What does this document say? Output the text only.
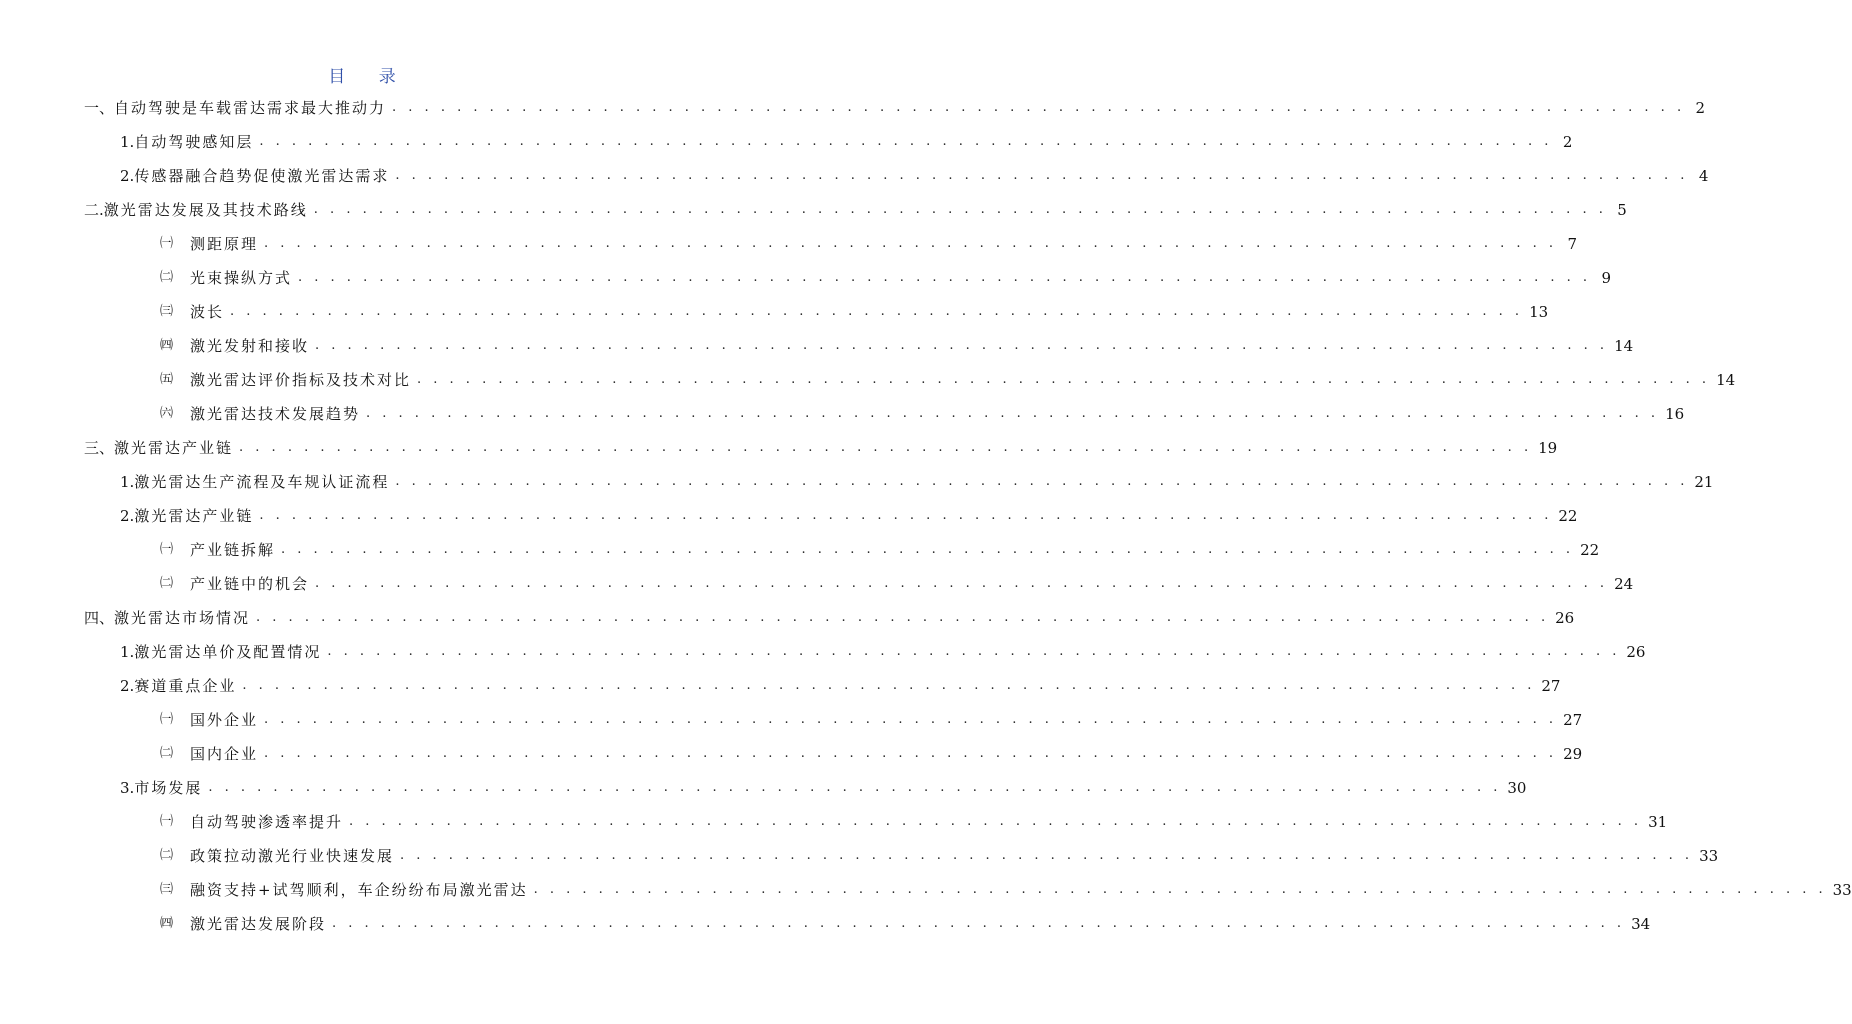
目 录
一、 自动驾驶是车载雷达需求最大推动力 . . . . . . . . . . . . . . . . . . . . . . . . . . . . . . . . . . . . . . . . . . . . . . . . . . . . . . . . . . . . . . . . . . . . . . . . . . . . . . . . 2
1. 自动驾驶感知层 . . . . . . . . . . . . . . . . . . . . . . . . . . . . . . . . . . . . . . . . . . . . . . . . . . . . . . . . . . . . . . . . . . . . . . . . . . . . . . . . 2
2. 传感器融合趋势促使激光雷达需求 . . . . . . . . . . . . . . . . . . . . . . . . . . . . . . . . . . . . . . . . . . . . . . . . . . . . . . . . . . . . . . . . . . . . . . . . . . . . . . . . 4
二. 激光雷达发展及其技术路线 . . . . . . . . . . . . . . . . . . . . . . . . . . . . . . . . . . . . . . . . . . . . . . . . . . . . . . . . . . . . . . . . . . . . . . . . . . . . . . . . 5
㈠	测距原理 . . . . . . . . . . . . . . . . . . . . . . . . . . . . . . . . . . . . . . . . . . . . . . . . . . . . . . . . . . . . . . . . . . . . . . . . . . . . . . . . 7
㈡	光束操纵方式 . . . . . . . . . . . . . . . . . . . . . . . . . . . . . . . . . . . . . . . . . . . . . . . . . . . . . . . . . . . . . . . . . . . . . . . . . . . . . . . . 9
㈢	波长 . . . . . . . . . . . . . . . . . . . . . . . . . . . . . . . . . . . . . . . . . . . . . . . . . . . . . . . . . . . . . . . . . . . . . . . . . . . . . . . . 13
㈣	激光发射和接收 . . . . . . . . . . . . . . . . . . . . . . . . . . . . . . . . . . . . . . . . . . . . . . . . . . . . . . . . . . . . . . . . . . . . . . . . . . . . . . . . 14
㈤	激光雷达评价指标及技术对比 . . . . . . . . . . . . . . . . . . . . . . . . . . . . . . . . . . . . . . . . . . . . . . . . . . . . . . . . . . . . . . . . . . . . . . . . . . . . . . . . 14
㈥	激光雷达技术发展趋势 . . . . . . . . . . . . . . . . . . . . . . . . . . . . . . . . . . . . . . . . . . . . . . . . . . . . . . . . . . . . . . . . . . . . . . . . . . . . . . . . 16
三、 激光雷达产业链 . . . . . . . . . . . . . . . . . . . . . . . . . . . . . . . . . . . . . . . . . . . . . . . . . . . . . . . . . . . . . . . . . . . . . . . . . . . . . . . . 19
1. 激光雷达生产流程及车规认证流程 . . . . . . . . . . . . . . . . . . . . . . . . . . . . . . . . . . . . . . . . . . . . . . . . . . . . . . . . . . . . . . . . . . . . . . . . . . . . . . . . 21
2. 激光雷达产业链 . . . . . . . . . . . . . . . . . . . . . . . . . . . . . . . . . . . . . . . . . . . . . . . . . . . . . . . . . . . . . . . . . . . . . . . . . . . . . . . . 22
㈠	产业链拆解 . . . . . . . . . . . . . . . . . . . . . . . . . . . . . . . . . . . . . . . . . . . . . . . . . . . . . . . . . . . . . . . . . . . . . . . . . . . . . . . . 22
㈡	产业链中的机会 . . . . . . . . . . . . . . . . . . . . . . . . . . . . . . . . . . . . . . . . . . . . . . . . . . . . . . . . . . . . . . . . . . . . . . . . . . . . . . . . 24
四、 激光雷达市场情况 . . . . . . . . . . . . . . . . . . . . . . . . . . . . . . . . . . . . . . . . . . . . . . . . . . . . . . . . . . . . . . . . . . . . . . . . . . . . . . . . 26
1. 激光雷达单价及配置情况 . . . . . . . . . . . . . . . . . . . . . . . . . . . . . . . . . . . . . . . . . . . . . . . . . . . . . . . . . . . . . . . . . . . . . . . . . . . . . . . . 26
2. 赛道重点企业 . . . . . . . . . . . . . . . . . . . . . . . . . . . . . . . . . . . . . . . . . . . . . . . . . . . . . . . . . . . . . . . . . . . . . . . . . . . . . . . . 27
㈠	国外企业 . . . . . . . . . . . . . . . . . . . . . . . . . . . . . . . . . . . . . . . . . . . . . . . . . . . . . . . . . . . . . . . . . . . . . . . . . . . . . . . . 27
㈡	国内企业 . . . . . . . . . . . . . . . . . . . . . . . . . . . . . . . . . . . . . . . . . . . . . . . . . . . . . . . . . . . . . . . . . . . . . . . . . . . . . . . . 29
3. 市场发展 . . . . . . . . . . . . . . . . . . . . . . . . . . . . . . . . . . . . . . . . . . . . . . . . . . . . . . . . . . . . . . . . . . . . . . . . . . . . . . . . 30
㈠	自动驾驶渗透率提升 . . . . . . . . . . . . . . . . . . . . . . . . . . . . . . . . . . . . . . . . . . . . . . . . . . . . . . . . . . . . . . . . . . . . . . . . . . . . . . . . 31
㈡	政策拉动激光行业快速发展 . . . . . . . . . . . . . . . . . . . . . . . . . . . . . . . . . . . . . . . . . . . . . . . . . . . . . . . . . . . . . . . . . . . . . . . . . . . . . . . . 33
㈢	融资支持+试驾顺利，车企纷纷布局激光雷达 . . . . . . . . . . . . . . . . . . . . . . . . . . . . . . . . . . . . . . . . . . . . . . . . . . . . . . . . . . . . . . . . . . . . . . . . . . . . . . . . 33
㈣	激光雷达发展阶段 . . . . . . . . . . . . . . . . . . . . . . . . . . . . . . . . . . . . . . . . . . . . . . . . . . . . . . . . . . . . . . . . . . . . . . . . . . . . . . . . 34
